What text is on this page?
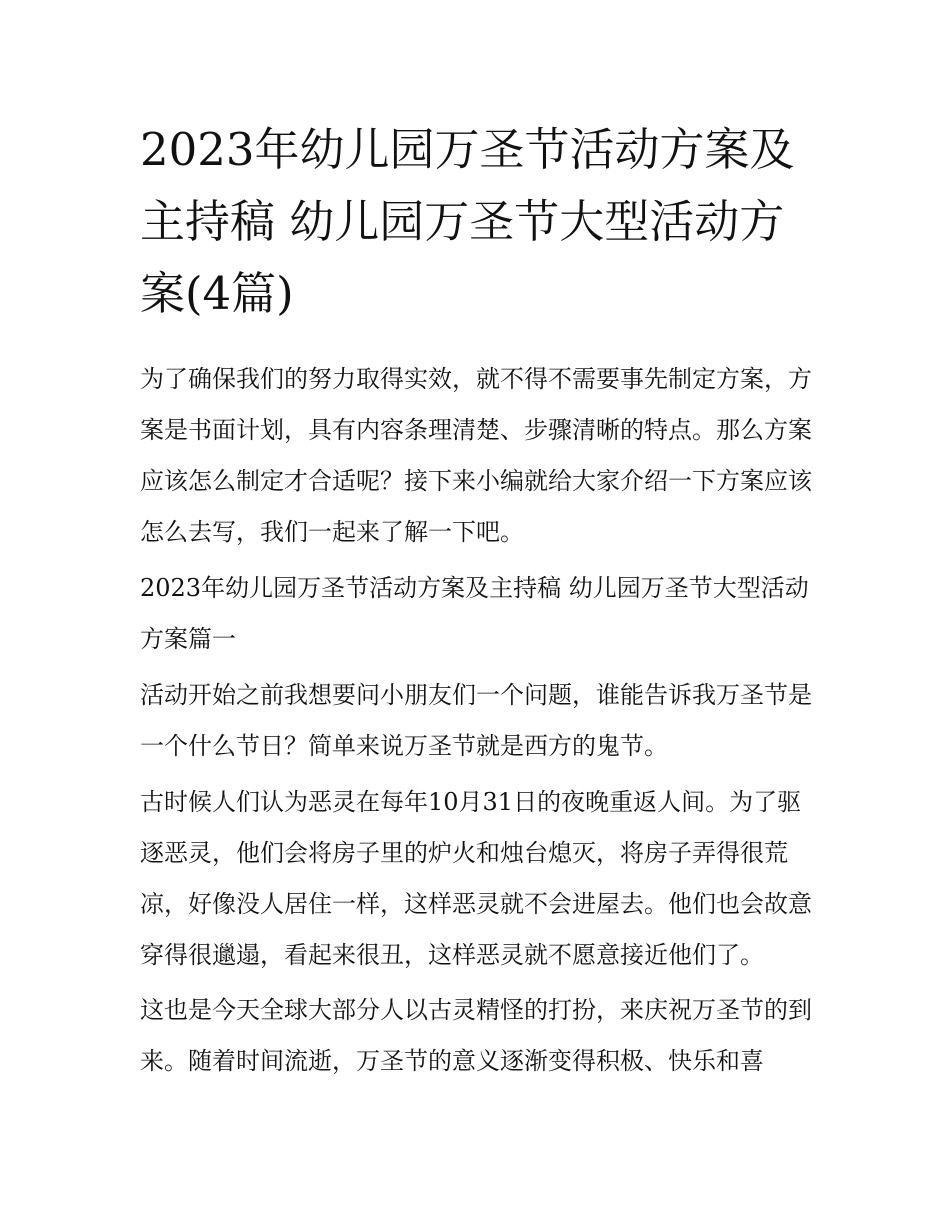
2023年幼儿园万圣节活动方案及主持稿 幼儿园万圣节大型活动方案(4篇)

为了确保我们的努力取得实效，就不得不需要事先制定方案，方案是书面计划，具有内容条理清楚、步骤清晰的特点。那么方案应该怎么制定才合适呢？接下来小编就给大家介绍一下方案应该怎么去写，我们一起来了解一下吧。

2023年幼儿园万圣节活动方案及主持稿 幼儿园万圣节大型活动方案篇一

活动开始之前我想要问小朋友们一个问题，谁能告诉我万圣节是一个什么节日？简单来说万圣节就是西方的鬼节。

古时候人们认为恶灵在每年10月31日的夜晚重返人间。为了驱逐恶灵，他们会将房子里的炉火和烛台熄灭，将房子弄得很荒凉，好像没人居住一样，这样恶灵就不会进屋去。他们也会故意穿得很邋遢，看起来很丑，这样恶灵就不愿意接近他们了。

这也是今天全球大部分人以古灵精怪的打扮，来庆祝万圣节的到来。随着时间流逝，万圣节的意义逐渐变得积极、快乐和喜
